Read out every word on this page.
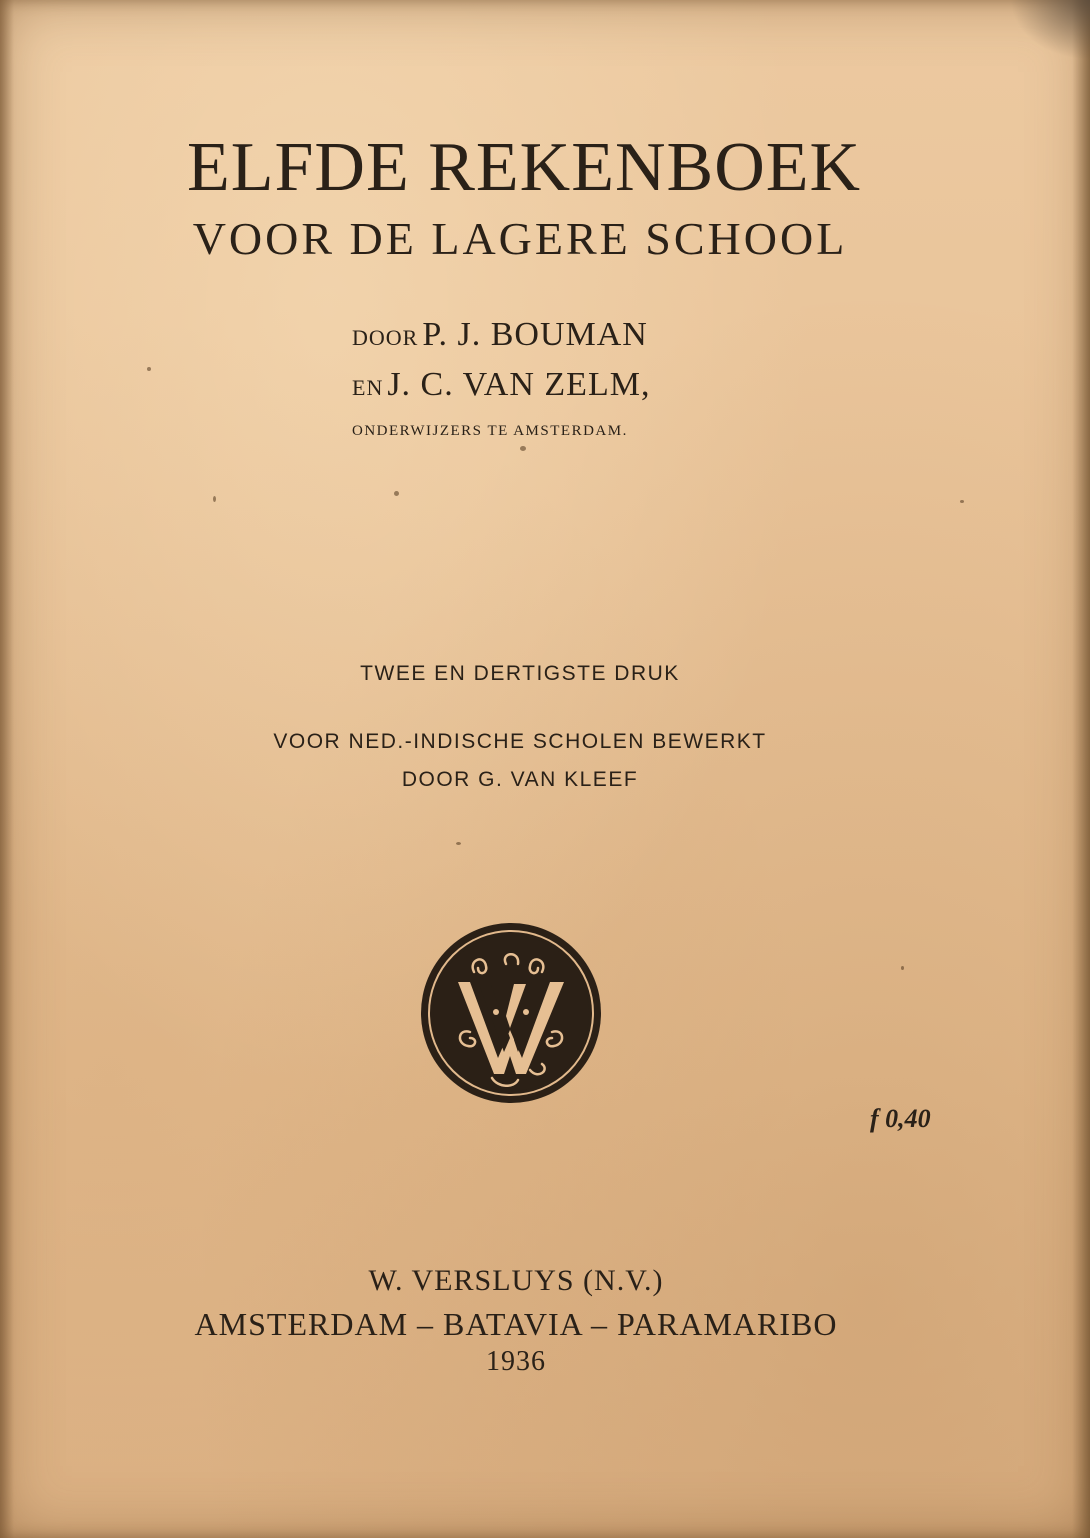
ELFDE REKENBOEK
VOOR DE LAGERE SCHOOL
DOOR P. J. BOUMAN
EN J. C. VAN ZELM,
ONDERWIJZERS TE AMSTERDAM.
TWEE EN DERTIGSTE DRUK
VOOR NED.-INDISCHE SCHOLEN BEWERKT
DOOR G. VAN KLEEF
f 0,40
W. VERSLUYS (N.V.)
AMSTERDAM – BATAVIA – PARAMARIBO
1936
